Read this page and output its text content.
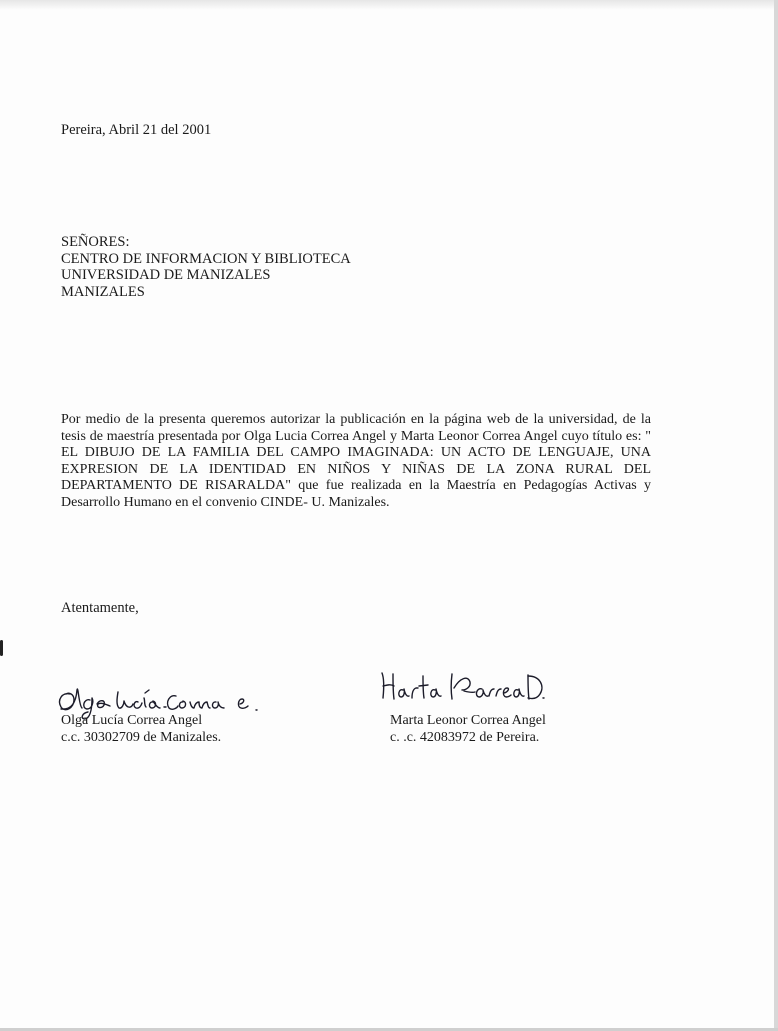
Pereira, Abril 21 del 2001
SEÑORES:
CENTRO DE INFORMACION Y BIBLIOTECA
UNIVERSIDAD DE MANIZALES
MANIZALES
Por medio de la presenta queremos autorizar la publicación en la página web de la universidad, de la
tesis de maestría presentada por Olga Lucia Correa Angel y Marta Leonor Correa Angel cuyo título es: "
EL DIBUJO DE LA FAMILIA DEL CAMPO IMAGINADA: UN ACTO DE LENGUAJE, UNA
EXPRESION DE LA IDENTIDAD EN NIÑOS Y NIÑAS DE LA ZONA RURAL DEL
DEPARTAMENTO DE RISARALDA" que fue realizada en la Maestría en Pedagogías Activas y
Desarrollo Humano en el convenio CINDE- U. Manizales.
Atentamente,
Olga Lucía Correa Angel
c.c. 30302709 de Manizales.
Marta Leonor Correa Angel
c. .c. 42083972 de Pereira.
